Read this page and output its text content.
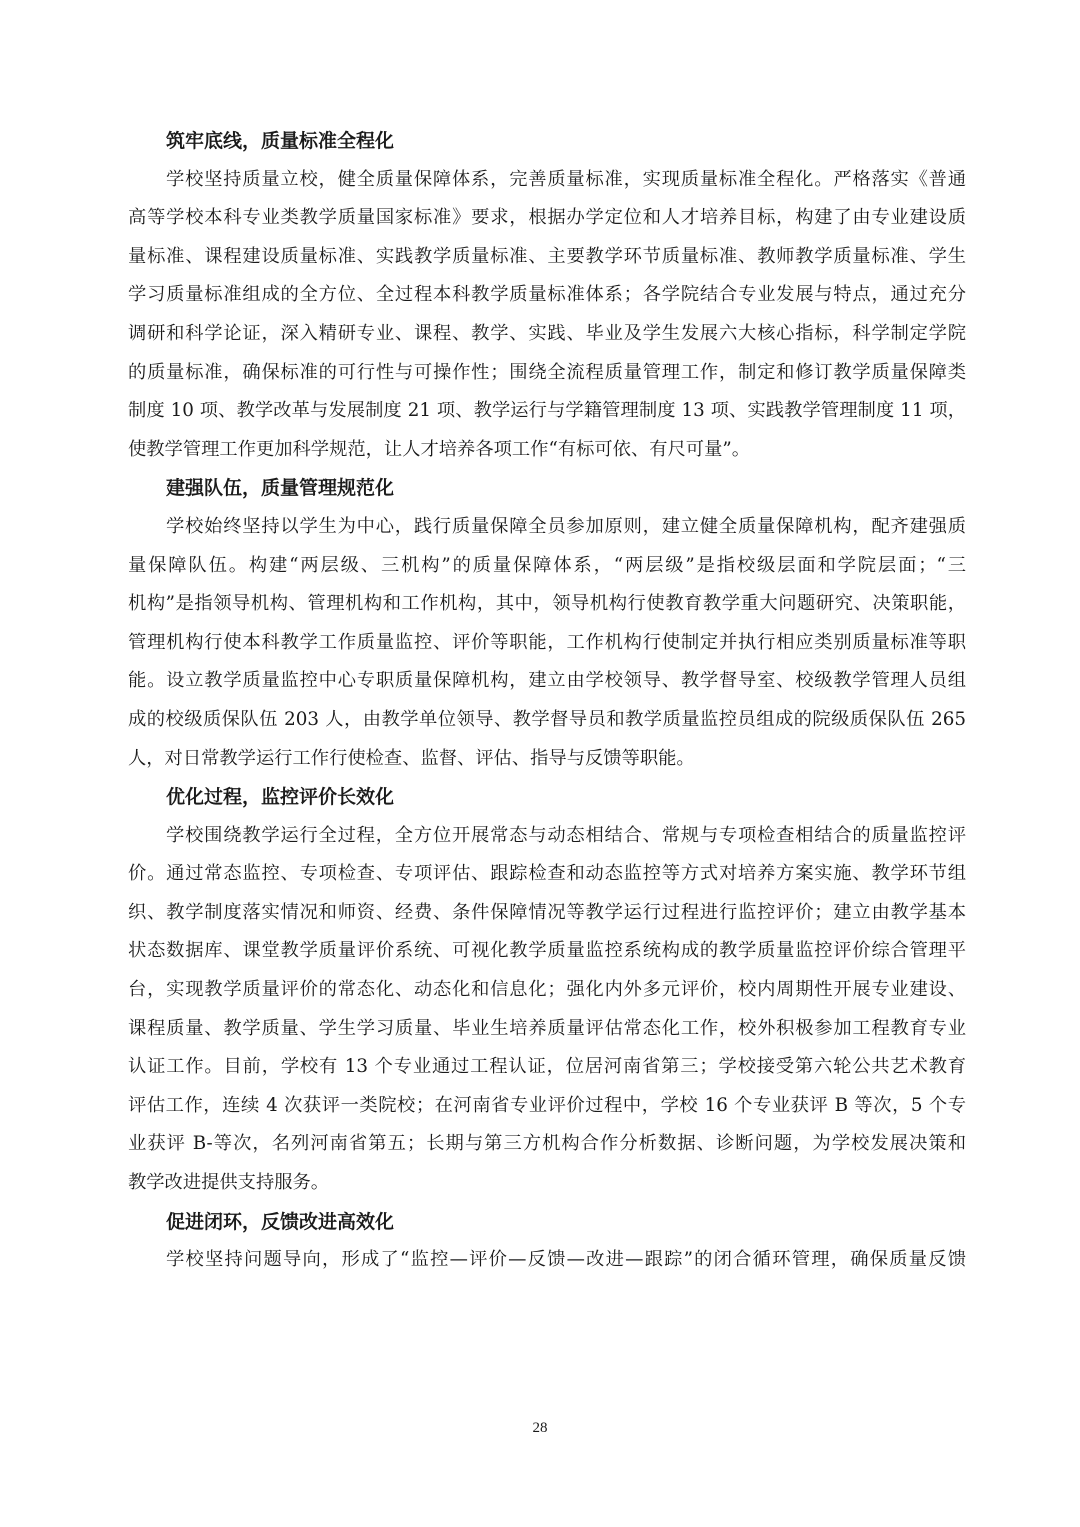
筑牢底线，质量标准全程化
学校坚持质量立校，健全质量保障体系，完善质量标准，实现质量标准全程化。严格落实《普通
高等学校本科专业类教学质量国家标准》要求，根据办学定位和人才培养目标，构建了由专业建设质
量标准、课程建设质量标准、实践教学质量标准、主要教学环节质量标准、教师教学质量标准、学生
学习质量标准组成的全方位、全过程本科教学质量标准体系；各学院结合专业发展与特点，通过充分
调研和科学论证，深入精研专业、课程、教学、实践、毕业及学生发展六大核心指标，科学制定学院
的质量标准，确保标准的可行性与可操作性；围绕全流程质量管理工作，制定和修订教学质量保障类
制度 10 项、教学改革与发展制度 21 项、教学运行与学籍管理制度 13 项、实践教学管理制度 11 项，
使教学管理工作更加科学规范，让人才培养各项工作“有标可依、有尺可量”。
建强队伍，质量管理规范化
学校始终坚持以学生为中心，践行质量保障全员参加原则，建立健全质量保障机构，配齐建强质
量保障队伍。构建“两层级、三机构”的质量保障体系，“两层级”是指校级层面和学院层面；“三
机构”是指领导机构、管理机构和工作机构，其中，领导机构行使教育教学重大问题研究、决策职能，
管理机构行使本科教学工作质量监控、评价等职能，工作机构行使制定并执行相应类别质量标准等职
能。设立教学质量监控中心专职质量保障机构，建立由学校领导、教学督导室、校级教学管理人员组
成的校级质保队伍 203 人，由教学单位领导、教学督导员和教学质量监控员组成的院级质保队伍 265
人，对日常教学运行工作行使检查、监督、评估、指导与反馈等职能。
优化过程，监控评价长效化
学校围绕教学运行全过程，全方位开展常态与动态相结合、常规与专项检查相结合的质量监控评
价。通过常态监控、专项检查、专项评估、跟踪检查和动态监控等方式对培养方案实施、教学环节组
织、教学制度落实情况和师资、经费、条件保障情况等教学运行过程进行监控评价；建立由教学基本
状态数据库、课堂教学质量评价系统、可视化教学质量监控系统构成的教学质量监控评价综合管理平
台，实现教学质量评价的常态化、动态化和信息化；强化内外多元评价，校内周期性开展专业建设、
课程质量、教学质量、学生学习质量、毕业生培养质量评估常态化工作，校外积极参加工程教育专业
认证工作。目前，学校有 13 个专业通过工程认证，位居河南省第三；学校接受第六轮公共艺术教育
评估工作，连续 4 次获评一类院校；在河南省专业评价过程中，学校 16 个专业获评 B 等次，5 个专
业获评 B-等次，名列河南省第五；长期与第三方机构合作分析数据、诊断问题，为学校发展决策和
教学改进提供支持服务。
促进闭环，反馈改进高效化
学校坚持问题导向，形成了“监控—评价—反馈—改进—跟踪”的闭合循环管理，确保质量反馈
28
